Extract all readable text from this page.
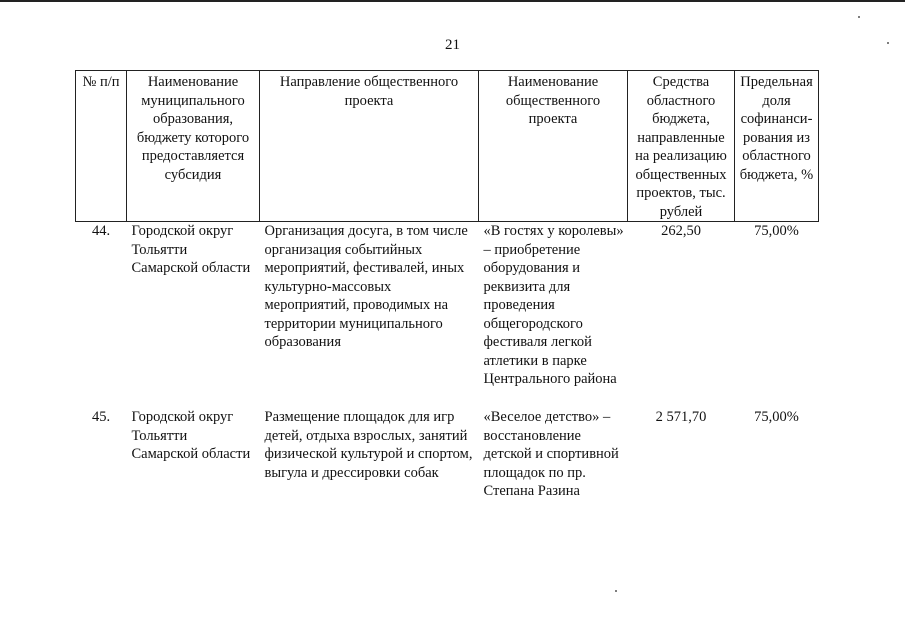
21
№ п/п	Наименование муниципального образования, бюджету которого предоставляется субсидия	Направление общественного проекта	Наименование общественного проекта	Средства областного бюджета, направленные на реализацию общественных проектов, тыс. рублей	Предельная доля софинанси- рования из областного бюджета, %
44.	Городской округ Тольятти Самарской области	Организация досуга, в том числе организация событийных мероприятий, фестивалей, иных культурно-массовых мероприятий, проводимых на территории муниципального образования	«В гостях у королевы» – приобретение оборудования и реквизита для проведения общегородского фестиваля легкой атлетики в парке Центрального района	262,50	75,00%
45.	Городской округ Тольятти Самарской области	Размещение площадок для игр детей, отдыха взрослых, занятий физической культурой и спортом, выгула и дрессировки собак	«Веселое детство» – восстановление детской и спортивной площадок по пр. Степана Разина	2 571,70	75,00%
